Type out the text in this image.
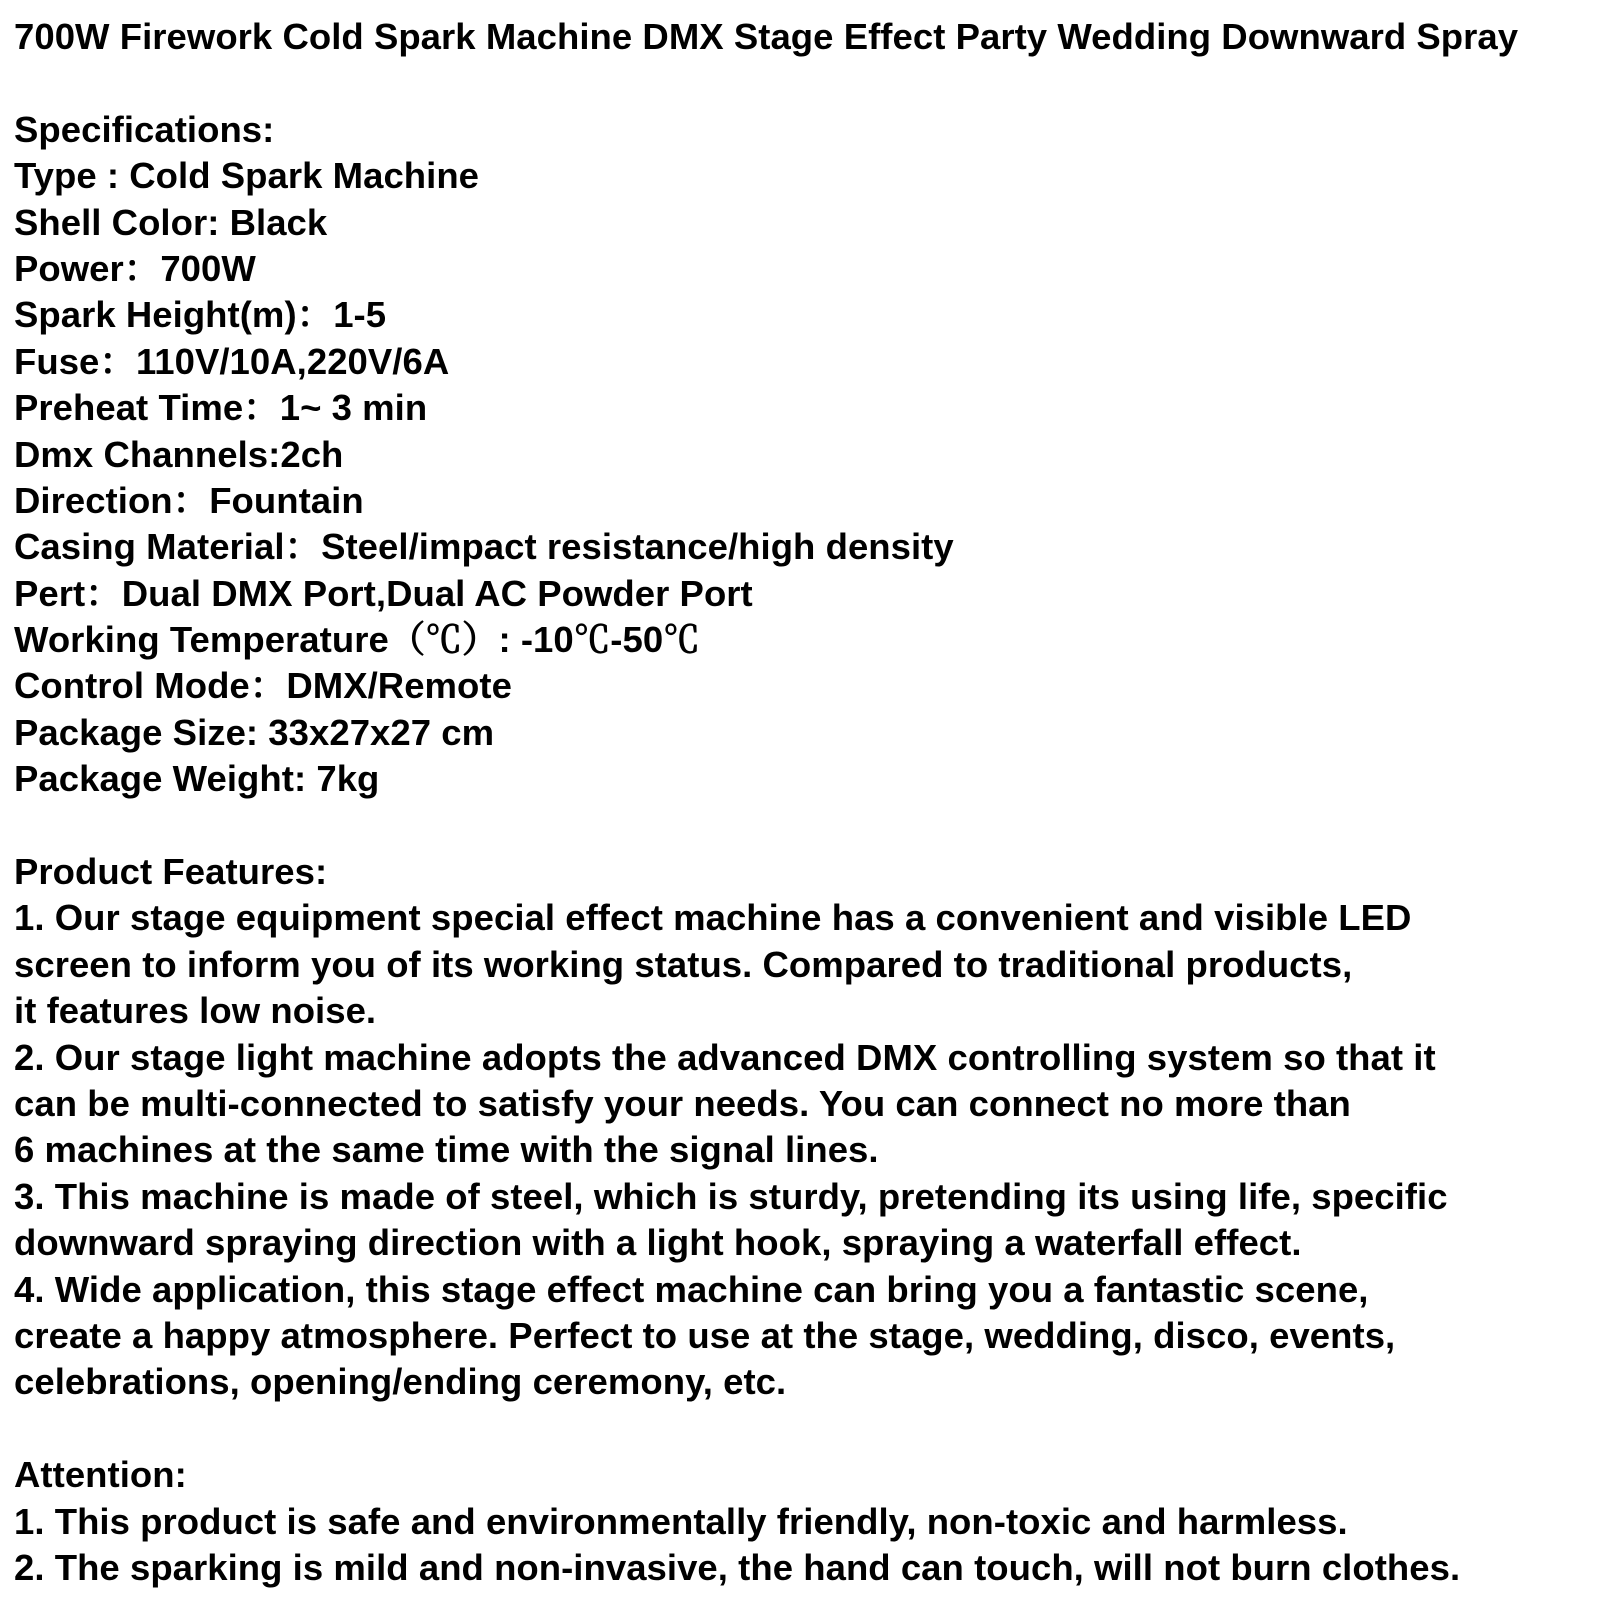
700W Firework Cold Spark Machine DMX Stage Effect Party Wedding Downward Spray
Specifications:
Type : Cold Spark Machine
Shell Color: Black
Power：700W
Spark Height(m)：1-5
Fuse：110V/10A,220V/6A
Preheat Time：1~ 3 min
Dmx Channels:2ch
Direction：Fountain
Casing Material：Steel/impact resistance/high density
Pert：Dual DMX Port,Dual AC Powder Port
Working Temperature（℃）: -10℃-50℃
Control Mode：DMX/Remote
Package Size: 33x27x27 cm
Package Weight: 7kg
Product Features:
1. Our stage equipment special effect machine has a convenient and visible LED
screen to inform you of its working status. Compared to traditional products,
it features low noise.
2. Our stage light machine adopts the advanced DMX controlling system so that it
can be multi-connected to satisfy your needs. You can connect no more than
6 machines at the same time with the signal lines.
3. This machine is made of steel, which is sturdy, pretending its using life, specific
downward spraying direction with a light hook, spraying a waterfall effect.
4. Wide application, this stage effect machine can bring you a fantastic scene,
create a happy atmosphere. Perfect to use at the stage, wedding, disco, events,
celebrations, opening/ending ceremony, etc.
Attention:
1. This product is safe and environmentally friendly, non-toxic and harmless.
2. The sparking is mild and non-invasive, the hand can touch, will not burn clothes.
